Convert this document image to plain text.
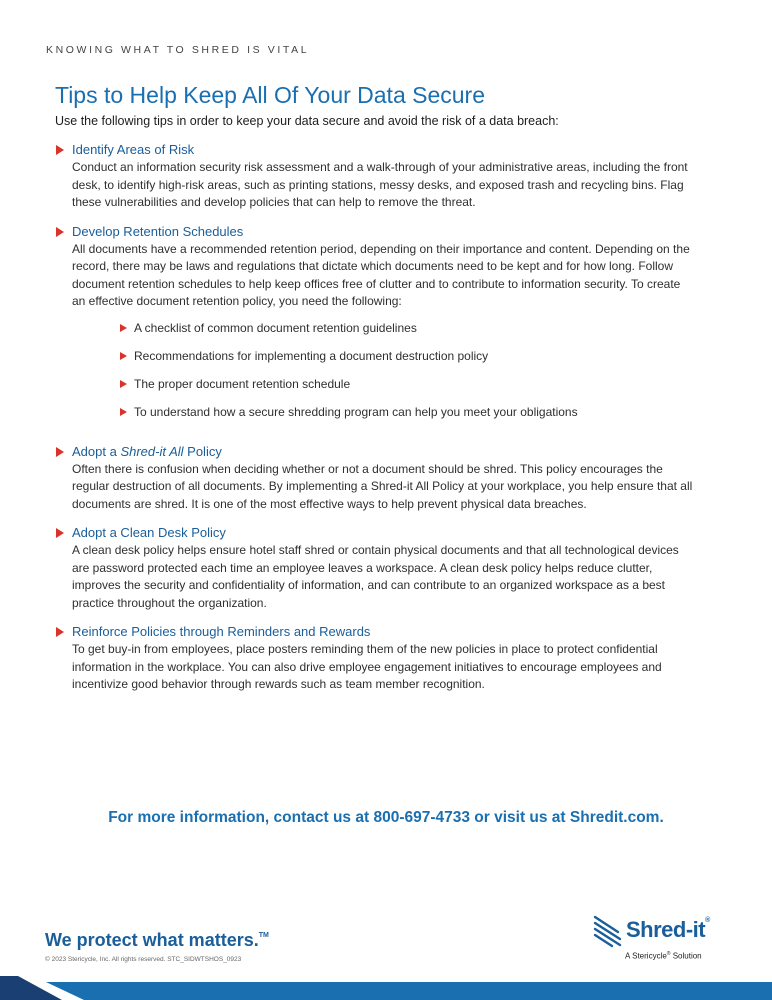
KNOWING WHAT TO SHRED IS VITAL
Tips to Help Keep All Of Your Data Secure

Use the following tips in order to keep your data secure and avoid the risk of a data breach:

Identify Areas of Risk

Conduct an information security risk assessment and a walk-through of your administrative areas, including the front desk, to identify high-risk areas, such as printing stations, messy desks, and exposed trash and recycling bins. Flag these vulnerabilities and develop policies that can help to remove the threat.

Develop Retention Schedules

All documents have a recommended retention period, depending on their importance and content. Depending on the record, there may be laws and regulations that dictate which documents need to be kept and for how long. Follow document retention schedules to help keep offices free of clutter and to contribute to information security. To create an effective document retention policy, you need the following:

A checklist of common document retention guidelines
Recommendations for implementing a document destruction policy
The proper document retention schedule
To understand how a secure shredding program can help you meet your obligations
Adopt a Shred-it All Policy

Often there is confusion when deciding whether or not a document should be shred. This policy encourages the regular destruction of all documents. By implementing a Shred-it All Policy at your workplace, you help ensure that all documents are shred. It is one of the most effective ways to help prevent physical data breaches.

Adopt a Clean Desk Policy

A clean desk policy helps ensure hotel staff shred or contain physical documents and that all technological devices are password protected each time an employee leaves a workspace. A clean desk policy helps reduce clutter, improves the security and confidentiality of information, and can contribute to an organized workspace as a best practice throughout the organization.

Reinforce Policies through Reminders and Rewards

To get buy-in from employees, place posters reminding them of the new policies in place to protect confidential information in the workplace. You can also drive employee engagement initiatives to encourage employees and incentivize good behavior through rewards such as team member recognition.

For more information, contact us at 800-697-4733 or visit us at Shredit.com.
We protect what matters.™
© 2023 Stericycle, Inc. All rights reserved. STC_SIDWTSHOS_0923
Shred-it®
A Stericycle® Solution
